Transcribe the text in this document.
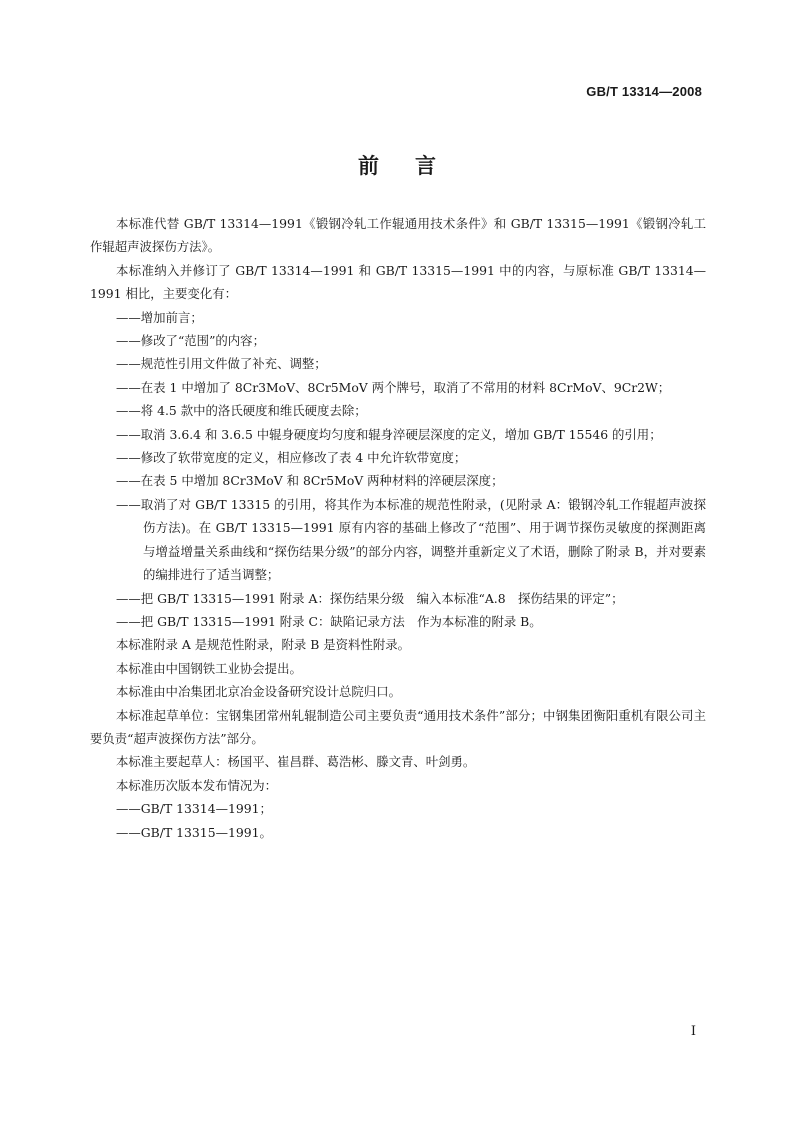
GB/T 13314—2008
前言

本标准代替 GB/T 13314—1991《锻钢冷轧工作辊通用技术条件》和 GB/T 13315—1991《锻钢冷轧工作辊超声波探伤方法》。

本标准纳入并修订了 GB/T 13314—1991 和 GB/T 13315—1991 中的内容，与原标准 GB/T 13314—1991 相比，主要变化有：

——增加前言；

——修改了“范围”的内容；

——规范性引用文件做了补充、调整；

——在表 1 中增加了 8Cr3MoV、8Cr5MoV 两个牌号，取消了不常用的材料 8CrMoV、9Cr2W；

——将 4.5 款中的洛氏硬度和维氏硬度去除；

——取消 3.6.4 和 3.6.5 中辊身硬度均匀度和辊身淬硬层深度的定义，增加 GB/T 15546 的引用；

——修改了软带宽度的定义，相应修改了表 4 中允许软带宽度；

——在表 5 中增加 8Cr3MoV 和 8Cr5MoV 两种材料的淬硬层深度；

——取消了对 GB/T 13315 的引用，将其作为本标准的规范性附录，(见附录 A：锻钢冷轧工作辊超声波探伤方法)。在 GB/T 13315—1991 原有内容的基础上修改了“范围”、用于调节探伤灵敏度的探测距离与增益增量关系曲线和“探伤结果分级”的部分内容，调整并重新定义了术语，删除了附录 B，并对要素的编排进行了适当调整；

——把 GB/T 13315—1991 附录 A：探伤结果分级　编入本标准“A.8　探伤结果的评定”；

——把 GB/T 13315—1991 附录 C：缺陷记录方法　作为本标准的附录 B。

本标准附录 A 是规范性附录，附录 B 是资料性附录。

本标准由中国钢铁工业协会提出。

本标准由中冶集团北京冶金设备研究设计总院归口。

本标准起草单位：宝钢集团常州轧辊制造公司主要负责“通用技术条件”部分；中钢集团衡阳重机有限公司主要负责“超声波探伤方法”部分。

本标准主要起草人：杨国平、崔昌群、葛浩彬、滕文青、叶剑勇。

本标准历次版本发布情况为：

——GB/T 13314—1991；

——GB/T 13315—1991。

I
